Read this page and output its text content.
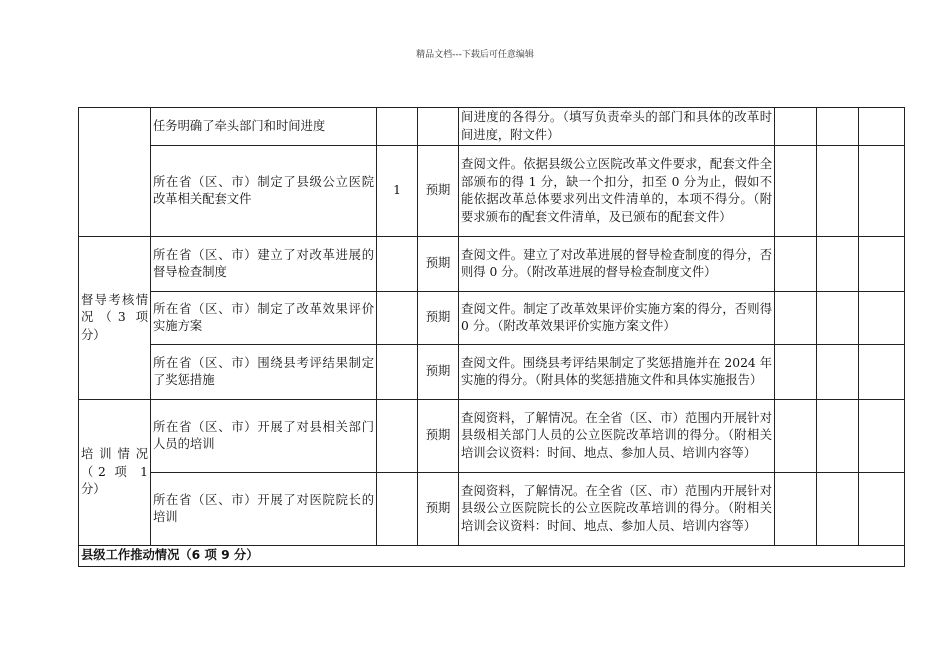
精品文档---下载后可任意编辑
	任务明确了牵头部门和时间进度			间进度的各得分。（填写负责牵头的部门和具体的改革时间进度，附文件）			
	所在省（区、市）制定了县级公立医院改革相关配套文件	1	预期	查阅文件。依据县级公立医院改革文件要求，配套文件全部颁布的得 1 分，缺一个扣分，扣至 0 分为止，假如不能依据改革总体要求列出文件清单的，本项不得分。（附要求颁布的配套文件清单，及已颁布的配套文件）			
督导考核情况（3 项分）	所在省（区、市）建立了对改革进展的督导检查制度		预期	查阅文件。建立了对改革进展的督导检查制度的得分，否则得 0 分。（附改革进展的督导检查制度文件）			
	所在省（区、市）制定了改革效果评价实施方案		预期	查阅文件。制定了改革效果评价实施方案的得分，否则得 0 分。（附改革效果评价实施方案文件）			
	所在省（区、市）围绕县考评结果制定了奖惩措施		预期	查阅文件。围绕县考评结果制定了奖惩措施并在 2024 年实施的得分。（附具体的奖惩措施文件和具体实施报告）			
培训情况（2 项 1 分）	所在省（区、市）开展了对县相关部门人员的培训		预期	查阅资料，了解情况。在全省（区、市）范围内开展针对县级相关部门人员的公立医院改革培训的得分。（附相关培训会议资料：时间、地点、参加人员、培训内容等）			
	所在省（区、市）开展了对医院院长的培训		预期	查阅资料，了解情况。在全省（区、市）范围内开展针对县级公立医院院长的公立医院改革培训的得分。（附相关培训会议资料：时间、地点、参加人员、培训内容等）			
县级工作推动情况（6 项 9 分）							
